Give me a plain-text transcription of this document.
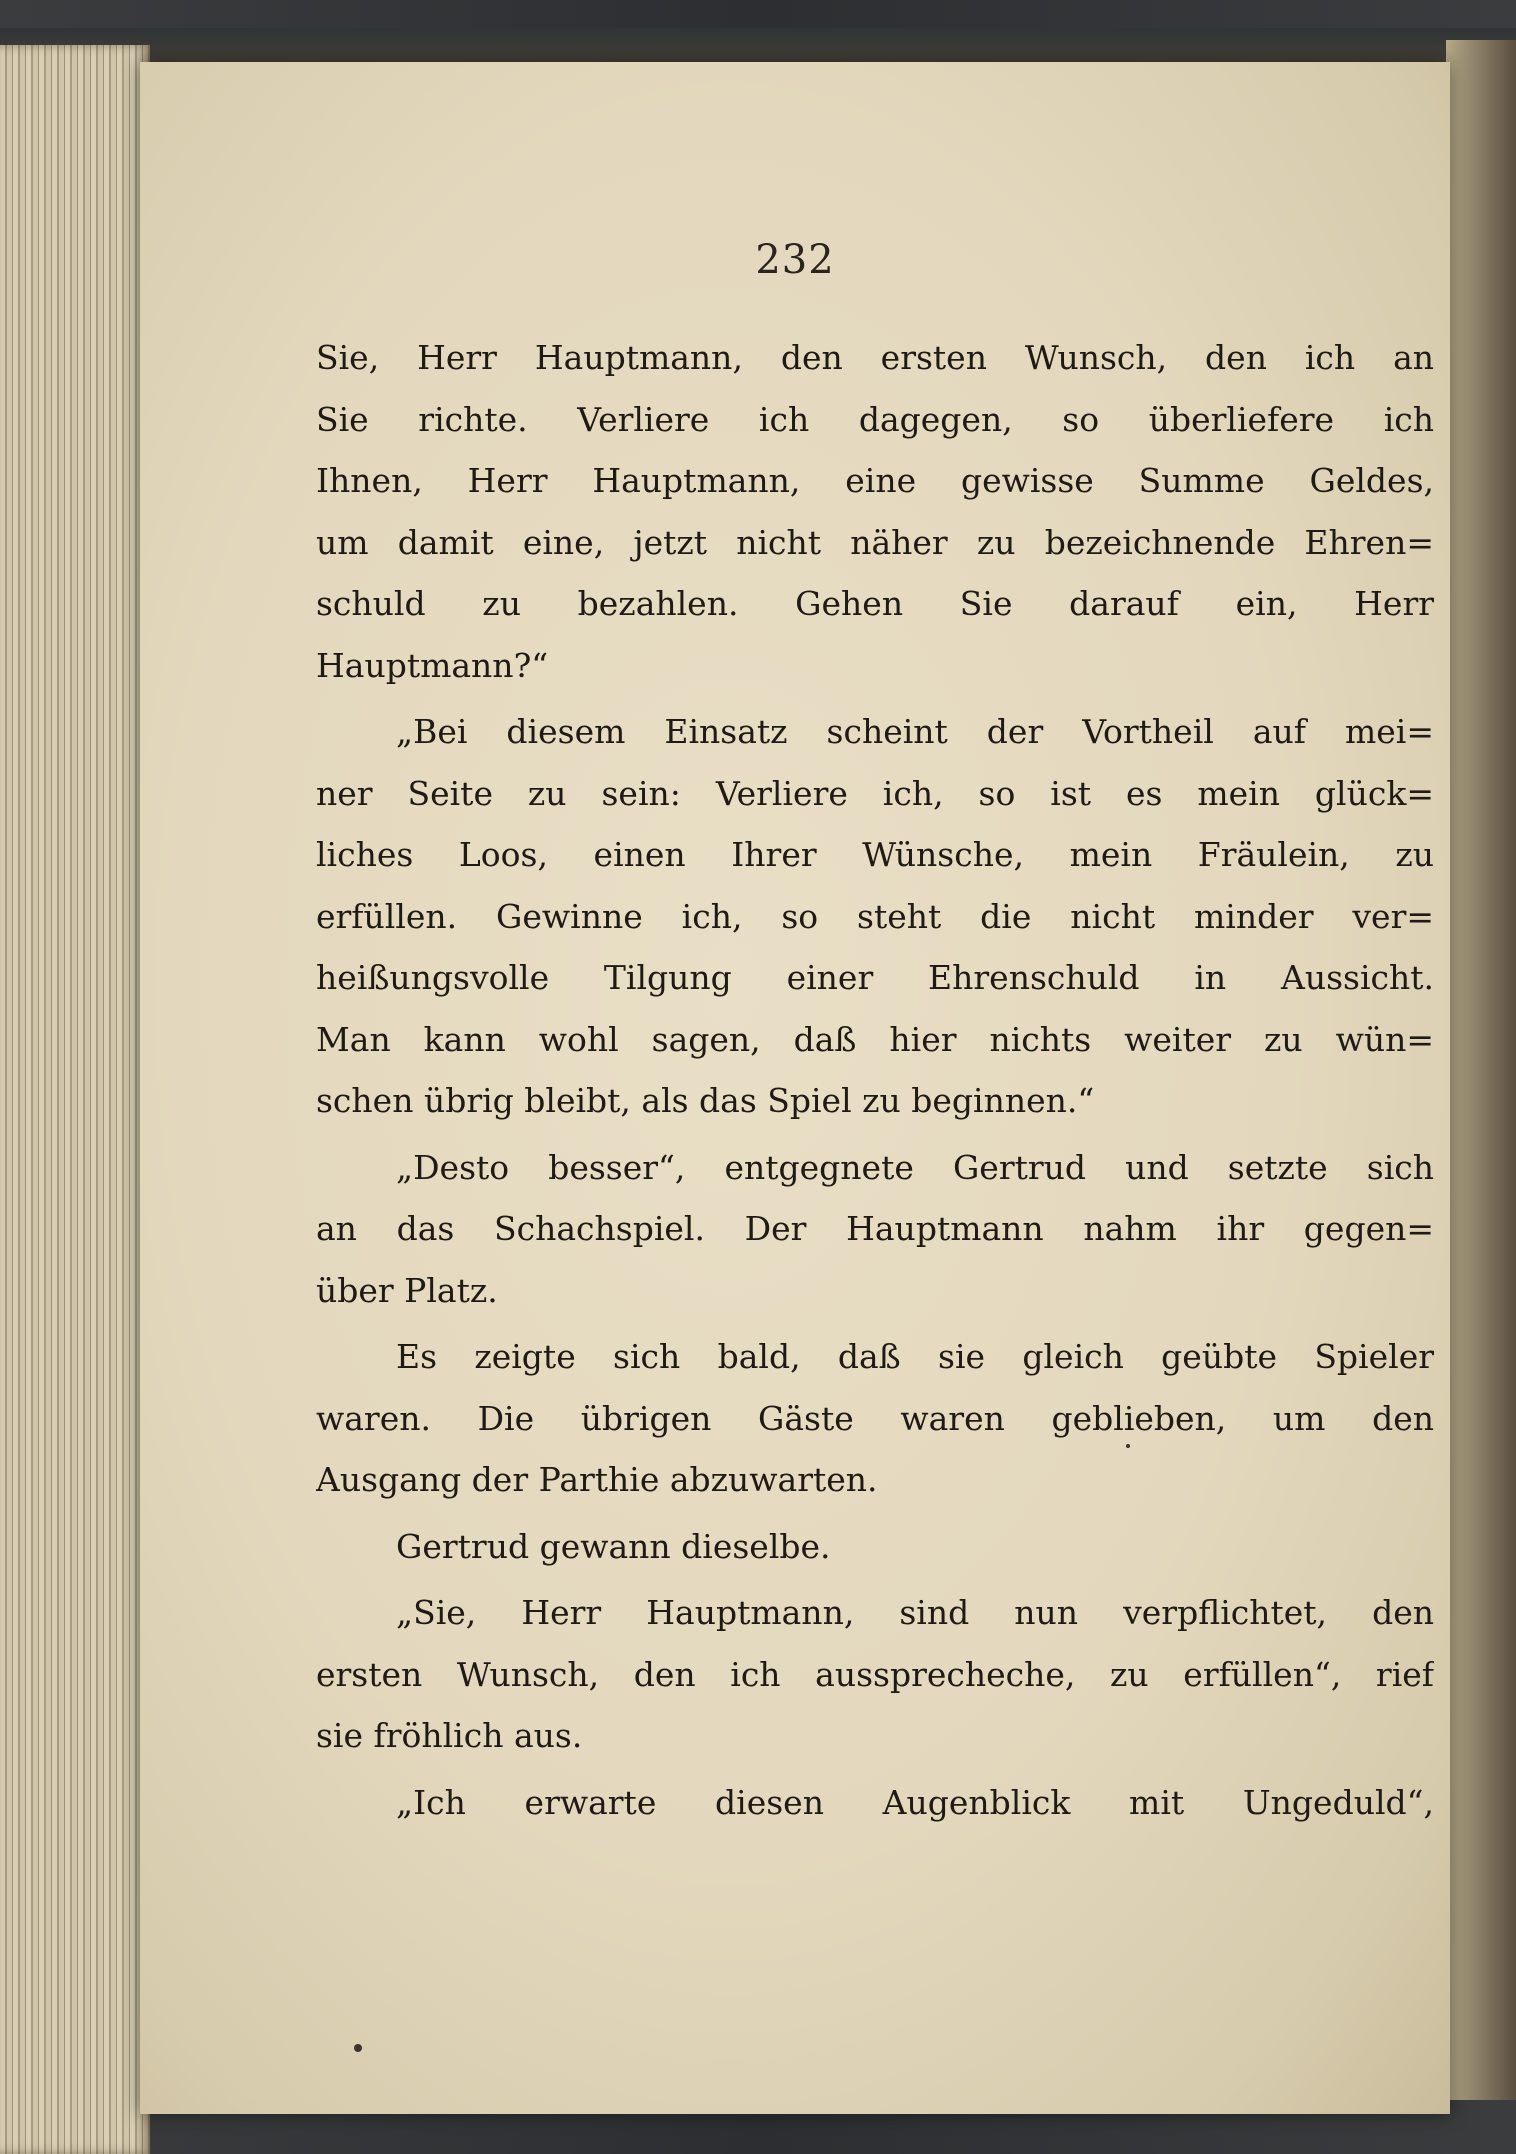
232
Sie, Herr Hauptmann, den ersten Wunsch, den ich an
Sie richte. Verliere ich dagegen, so überliefere ich
Ihnen, Herr Hauptmann, eine gewisse Summe Geldes,
um damit eine, jetzt nicht näher zu bezeichnende Ehren=
schuld zu bezahlen. Gehen Sie darauf ein, Herr
Hauptmann?“
„Bei diesem Einsatz scheint der Vortheil auf mei=
ner Seite zu sein: Verliere ich, so ist es mein glück=
liches Loos, einen Ihrer Wünsche, mein Fräulein, zu
erfüllen. Gewinne ich, so steht die nicht minder ver=
heißungsvolle Tilgung einer Ehrenschuld in Aussicht.
Man kann wohl sagen, daß hier nichts weiter zu wün=
schen übrig bleibt, als das Spiel zu beginnen.“
„Desto besser“, entgegnete Gertrud und setzte sich
an das Schachspiel. Der Hauptmann nahm ihr gegen=
über Platz.
Es zeigte sich bald, daß sie gleich geübte Spieler
waren. Die übrigen Gäste waren geblieben, um den
Ausgang der Parthie abzuwarten.
Gertrud gewann dieselbe.
„Sie, Herr Hauptmann, sind nun verpflichtet, den
ersten Wunsch, den ich aussprecheche, zu erfüllen“, rief
sie fröhlich aus.
„Ich erwarte diesen Augenblick mit Ungeduld“,
